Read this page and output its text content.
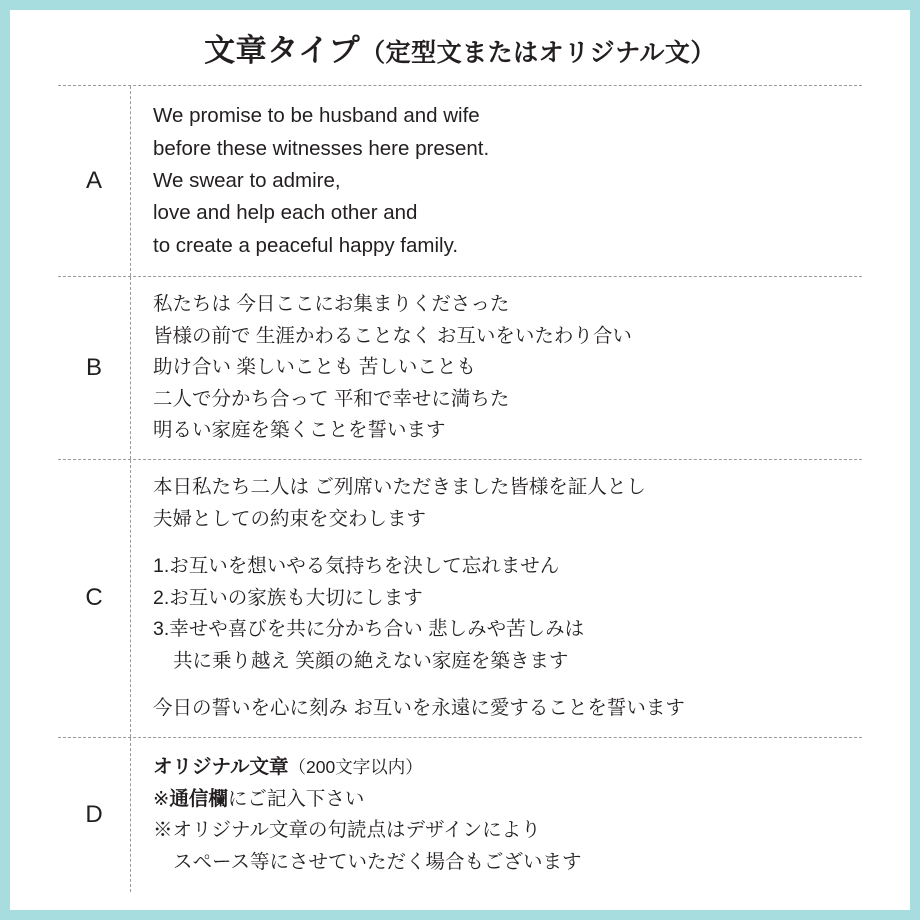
文章タイプ（定型文またはオリジナル文）
A
We promise to be husband and wife
before these witnesses here present.
We swear to admire,
love and help each other and
to create a peaceful happy family.
B
私たちは 今日ここにお集まりくださった
皆様の前で 生涯かわることなく お互いをいたわり合い
助け合い 楽しいことも 苦しいことも
二人で分かち合って 平和で幸せに満ちた
明るい家庭を築くことを誓います
C
本日私たち二人は ご列席いただきました皆様を証人とし
夫婦としての約束を交わします
1.お互いを想いやる気持ちを決して忘れません
2.お互いの家族も大切にします
3.幸せや喜びを共に分かち合い 悲しみや苦しみは
共に乗り越え 笑顔の絶えない家庭を築きます
今日の誓いを心に刻み お互いを永遠に愛することを誓います
D
オリジナル文章（200文字以内）
※通信欄にご記入下さい
※オリジナル文章の句読点はデザインにより
スペース等にさせていただく場合もございます
